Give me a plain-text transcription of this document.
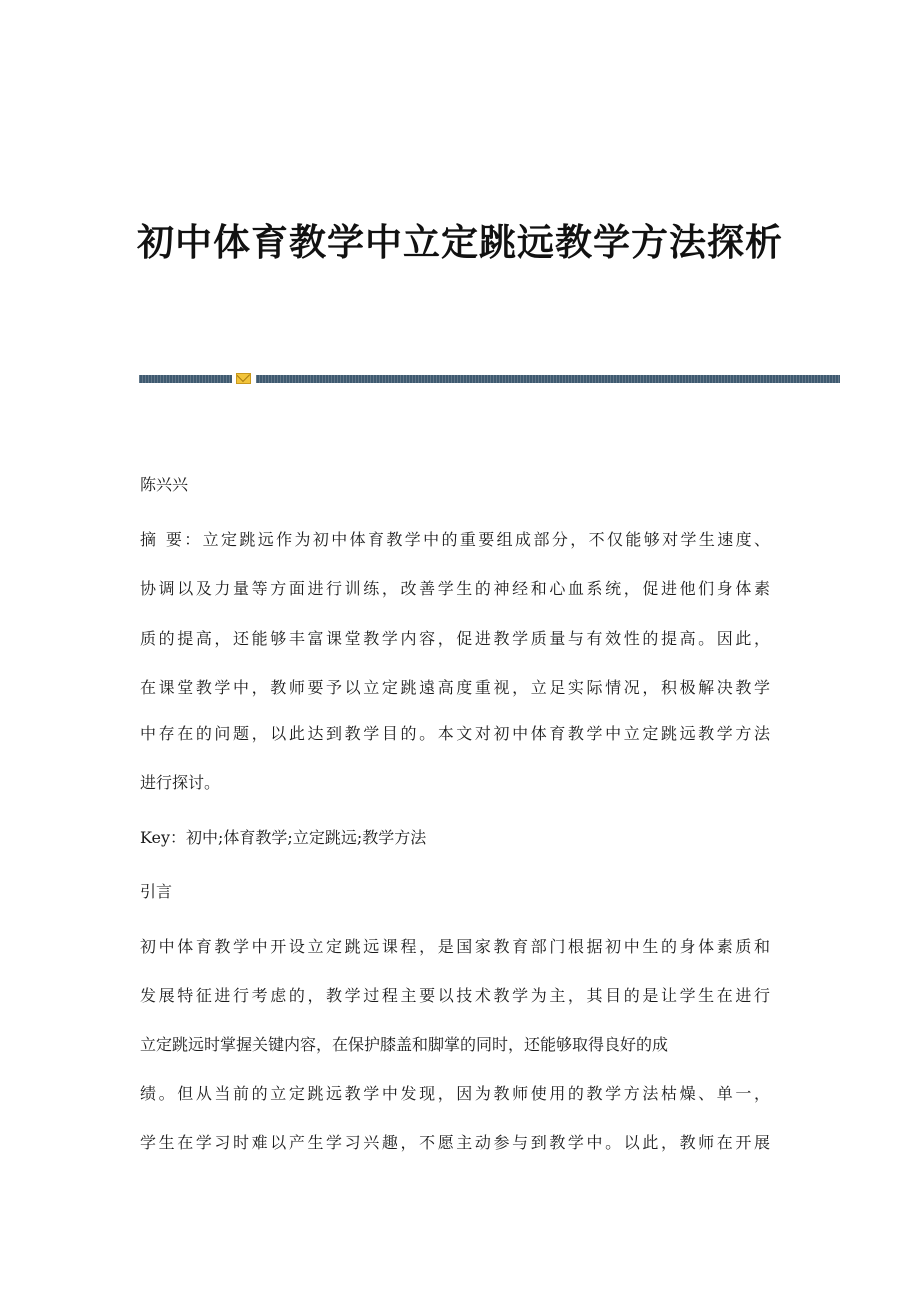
初中体育教学中立定跳远教学方法探析

陈兴兴

摘 要：立定跳远作为初中体育教学中的重要组成部分，不仅能够对学生速度、

协调以及力量等方面进行训练，改善学生的神经和心血系统，促进他们身体素

质的提高，还能够丰富课堂教学内容，促进教学质量与有效性的提高。因此，

在课堂教学中，教师要予以立定跳遠高度重视，立足实际情况，积极解决教学

中存在的问题，以此达到教学目的。本文对初中体育教学中立定跳远教学方法

进行探讨。

Key：初中;体育教学;立定跳远;教学方法

引言

初中体育教学中开设立定跳远课程，是国家教育部门根据初中生的身体素质和

发展特征进行考虑的，教学过程主要以技术教学为主，其目的是让学生在进行

立定跳远时掌握关键内容，在保护膝盖和脚掌的同时，还能够取得良好的成

绩。但从当前的立定跳远教学中发现，因为教师使用的教学方法枯燥、单一，

学生在学习时难以产生学习兴趣，不愿主动参与到教学中。以此，教师在开展
